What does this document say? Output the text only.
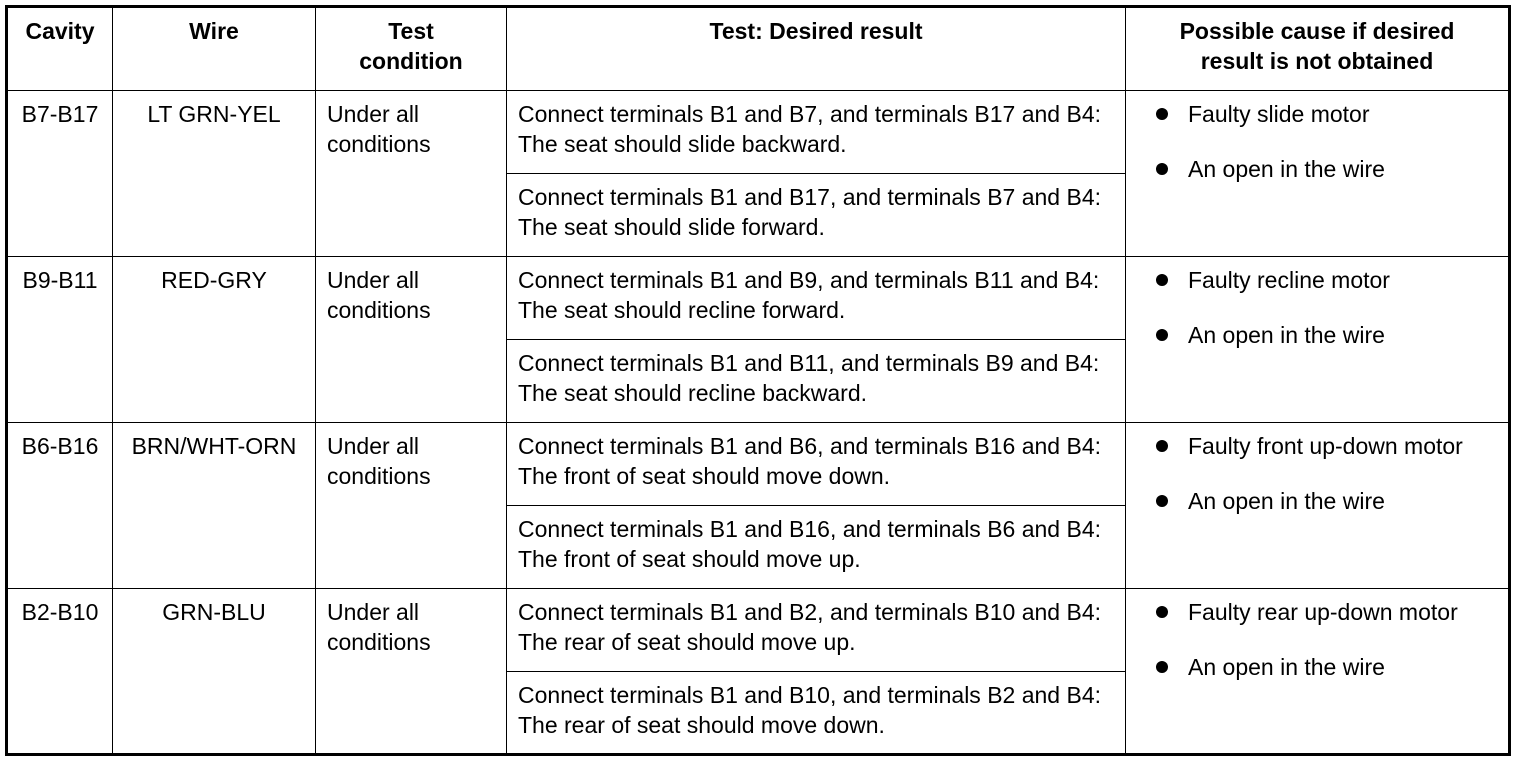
Cavity	Wire	Test condition	Test: Desired result	Possible cause if desired result is not obtained

B7-B17	LT GRN-YEL	Under all conditions	Connect terminals B1 and B7, and terminals B17 and B4: The seat should slide backward.	Faulty slide motor
An open in the wire

			Connect terminals B1 and B17, and terminals B7 and B4: The seat should slide forward.	
B9-B11	RED-GRY	Under all conditions	Connect terminals B1 and B9, and terminals B11 and B4: The seat should recline forward.	Faulty recline motor
An open in the wire

			Connect terminals B1 and B11, and terminals B9 and B4: The seat should recline backward.	
B6-B16	BRN/WHT-ORN	Under all conditions	Connect terminals B1 and B6, and terminals B16 and B4: The front of seat should move down.	Faulty front up-down motor
An open in the wire

			Connect terminals B1 and B16, and terminals B6 and B4: The front of seat should move up.	
B2-B10	GRN-BLU	Under all conditions	Connect terminals B1 and B2, and terminals B10 and B4: The rear of seat should move up.	Faulty rear up-down motor
An open in the wire

			Connect terminals B1 and B10, and terminals B2 and B4: The rear of seat should move down.	
